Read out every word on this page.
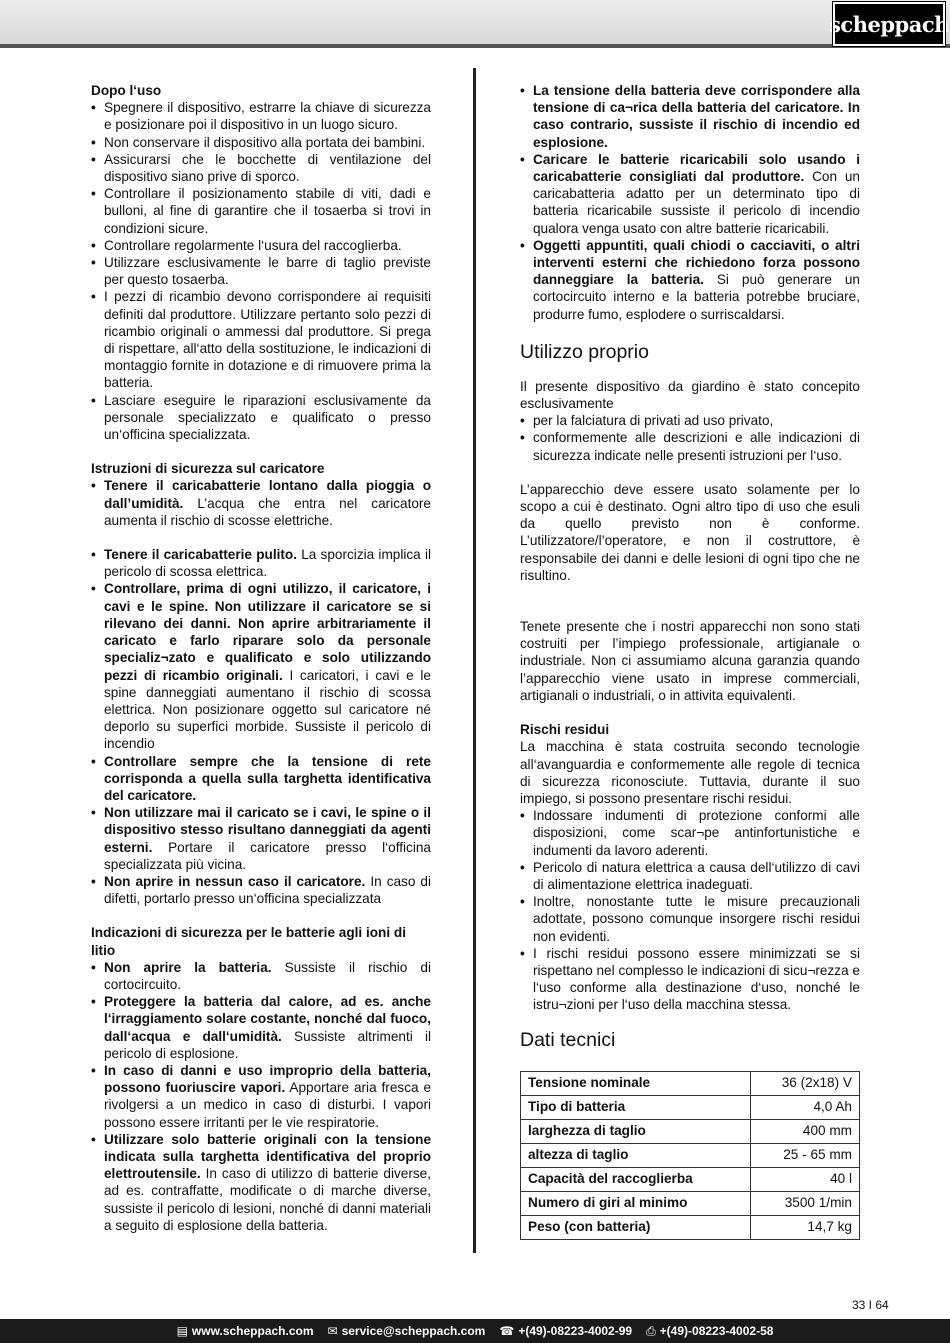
scheppach
Dopo l‘uso
• Spegnere il dispositivo, estrarre la chiave di sicurezza e posizionare poi il dispositivo in un luogo sicuro.
• Non conservare il dispositivo alla portata dei bambini.
• Assicurarsi che le bocchette di ventilazione del dispositivo siano prive di sporco.
• Controllare il posizionamento stabile di viti, dadi e bulloni, al fine di garantire che il tosaerba si trovi in condizioni sicure.
• Controllare regolarmente l‘usura del raccoglierba.
• Utilizzare esclusivamente le barre di taglio previste per questo tosaerba.
• I pezzi di ricambio devono corrispondere ai requisiti definiti dal produttore. Utilizzare pertanto solo pezzi di ricambio originali o ammessi dal produttore. Si prega di rispettare, all‘atto della sostituzione, le indicazioni di montaggio fornite in dotazione e di rimuovere prima la batteria.
• Lasciare eseguire le riparazioni esclusivamente da personale specializzato e qualificato o presso un‘officina specializzata.
Istruzioni di sicurezza sul caricatore
• Tenere il caricabatterie lontano dalla pioggia o dall’umidità. L’acqua che entra nel caricatore aumenta il rischio di scosse elettriche.
• Tenere il caricabatterie pulito. La sporcizia implica il pericolo di scossa elettrica.
• Controllare, prima di ogni utilizzo, il caricatore, i cavi e le spine. Non utilizzare il caricatore se si rilevano dei danni. Non aprire arbitrariamente il caricato e farlo riparare solo da personale specializ¬zato e qualificato e solo utilizzando pezzi di ricambio originali. I caricatori, i cavi e le spine danneggiati aumentano il rischio di scossa elettrica. Non posizionare oggetto sul caricatore né deporlo su superfici morbide. Sussiste il pericolo di incendio
• Controllare sempre che la tensione di rete corrisponda a quella sulla targhetta identificativa del caricatore.
• Non utilizzare mai il caricato se i cavi, le spine o il dispositivo stesso risultano danneggiati da agenti esterni. Portare il caricatore presso l‘officina specializzata più vicina.
• Non aprire in nessun caso il caricatore. In caso di difetti, portarlo presso un‘officina specializzata
Indicazioni di sicurezza per le batterie agli ioni di litio
• Non aprire la batteria. Sussiste il rischio di cortocircuito.
• Proteggere la batteria dal calore, ad es. anche l‘irraggiamento solare costante, nonché dal fuoco, dall‘acqua e dall‘umidità. Sussiste altrimenti il pericolo di esplosione.
• In caso di danni e uso improprio della batteria, possono fuoriuscire vapori. Apportare aria fresca e rivolgersi a un medico in caso di disturbi. I vapori possono essere irritanti per le vie respiratorie.
• Utilizzare solo batterie originali con la tensione indicata sulla targhetta identificativa del proprio elettroutensile. In caso di utilizzo di batterie diverse, ad es. contraffatte, modificate o di marche diverse, sussiste il pericolo di lesioni, nonché di danni materiali a seguito di esplosione della batteria.
• La tensione della batteria deve corrispondere alla tensione di ca¬rica della batteria del caricatore. In caso contrario, sussiste il rischio di incendio ed esplosione.
• Caricare le batterie ricaricabili solo usando i caricabatterie consigliati dal produttore. Con un caricabatteria adatto per un determinato tipo di batteria ricaricabile sussiste il pericolo di incendio qualora venga usato con altre batterie ricaricabili.
• Oggetti appuntiti, quali chiodi o cacciaviti, o altri interventi esterni che richiedono forza possono danneggiare la batteria. Si può generare un cortocircuito interno e la batteria potrebbe bruciare, produrre fumo, esplodere o surriscaldarsi.
Utilizzo proprio

Il presente dispositivo da giardino è stato concepito esclusivamente

• per la falciatura di privati ad uso privato,
• conformemente alle descrizioni e alle indicazioni di sicurezza indicate nelle presenti istruzioni per l‘uso.

L’apparecchio deve essere usato solamente per lo scopo a cui è destinato. Ogni altro tipo di uso che esuli da quello previsto non è conforme. L’utilizzatore/l’operatore, e non il costruttore, è responsabile dei danni e delle lesioni di ogni tipo che ne risultino.

Tenete presente che i nostri apparecchi non sono stati costruiti per l’impiego professionale, artigianale o industriale. Non ci assumiamo alcuna garanzia quando l’apparecchio viene usato in imprese commerciali, artigianali o industriali, o in attivita equivalenti.

Rischi residui

La macchina è stata costruita secondo tecnologie all‘avanguardia e conformemente alle regole di tecnica di sicurezza riconosciute. Tuttavia, durante il suo impiego, si possono presentare rischi residui.

• Indossare indumenti di protezione conformi alle disposizioni, come scar¬pe antinfortunistiche e indumenti da lavoro aderenti.
• Pericolo di natura elettrica a causa dell‘utilizzo di cavi di alimentazione elettrica inadeguati.
• Inoltre, nonostante tutte le misure precauzionali adottate, possono comunque insorgere rischi residui non evidenti.
• I rischi residui possono essere minimizzati se si rispettano nel complesso le indicazioni di sicu¬rezza e l‘uso conforme alla destinazione d‘uso, nonché le istru¬zioni per l‘uso della macchina stessa.
Dati tecnici
Tensione nominale	36 (2x18) V
Tipo di batteria	4,0 Ah
larghezza di taglio	400 mm
altezza di taglio	25 - 65 mm
Capacità del raccoglierba	40 l
Numero di giri al minimo	3500 1/min
Peso (con batteria)	14,7 kg
33 I 64
▤ www.scheppach.com ✉ service@scheppach.com ☎ +(49)-08223-4002-99 ⎙ +(49)-08223-4002-58
